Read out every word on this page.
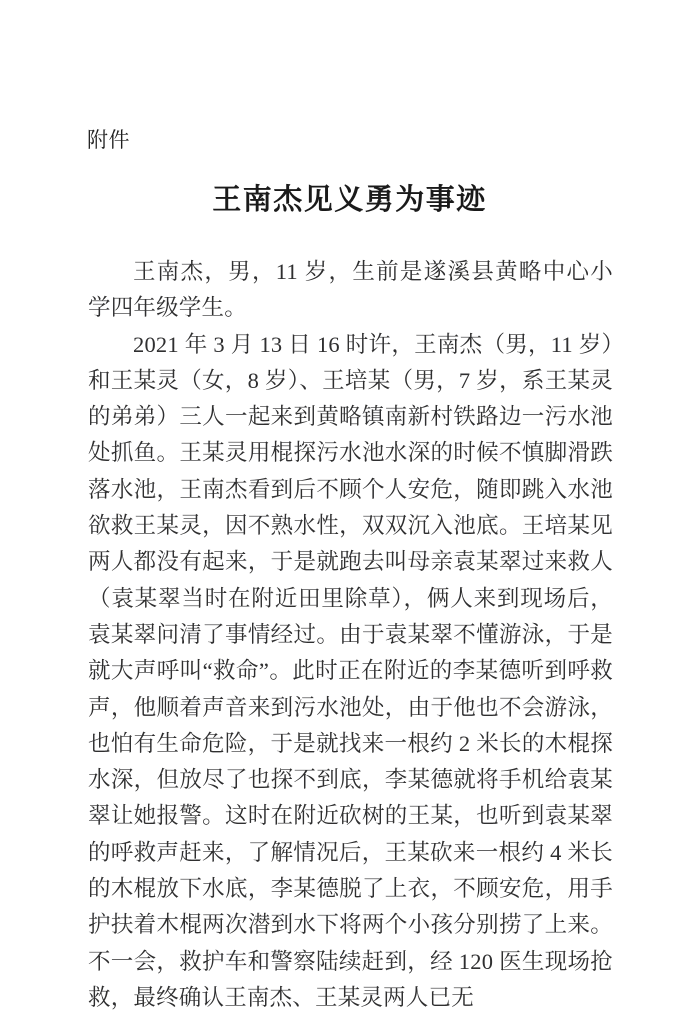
附件
王南杰见义勇为事迹

王南杰，男，11 岁，生前是遂溪县黄略中心小学四年级学生。

2021 年 3 月 13 日 16 时许，王南杰（男，11 岁）和王某灵（女，8 岁）、王培某（男，7 岁，系王某灵的弟弟）三人一起来到黄略镇南新村铁路边一污水池处抓鱼。王某灵用棍探污水池水深的时候不慎脚滑跌落水池，王南杰看到后不顾个人安危，随即跳入水池欲救王某灵，因不熟水性，双双沉入池底。王培某见两人都没有起来，于是就跑去叫母亲袁某翠过来救人（袁某翠当时在附近田里除草），俩人来到现场后，袁某翠问清了事情经过。由于袁某翠不懂游泳，于是就大声呼叫“救命”。此时正在附近的李某德听到呼救声，他顺着声音来到污水池处，由于他也不会游泳，也怕有生命危险，于是就找来一根约 2 米长的木棍探水深，但放尽了也探不到底，李某德就将手机给袁某翠让她报警。这时在附近砍树的王某，也听到袁某翠的呼救声赶来，了解情况后，王某砍来一根约 4 米长的木棍放下水底，李某德脱了上衣，不顾安危，用手护扶着木棍两次潜到水下将两个小孩分别捞了上来。不一会，救护车和警察陆续赶到，经 120 医生现场抢救，最终确认王南杰、王某灵两人已无
